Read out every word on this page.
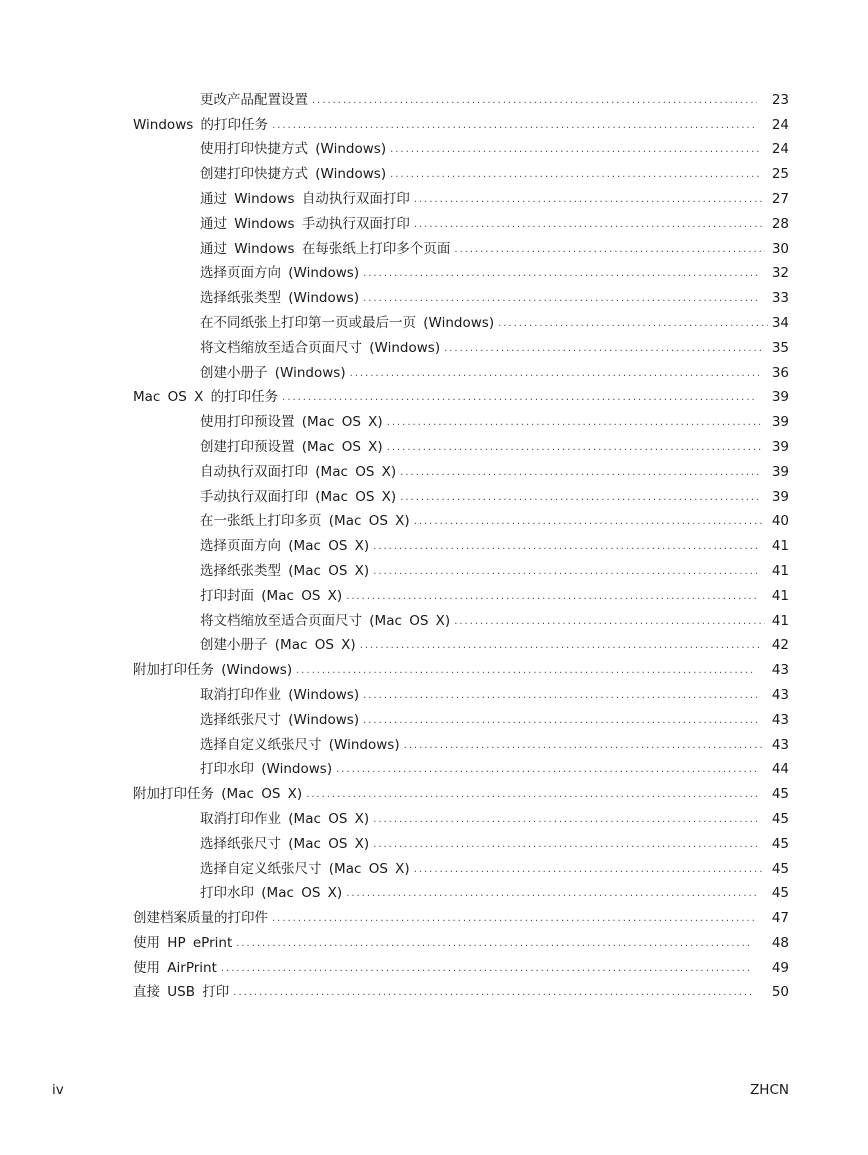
更改产品配置设置 . . .	23
Windows 的打印任务 . . .	24
使用打印快捷方式 (Windows) . . .	24
创建打印快捷方式 (Windows) . . .	25
通过 Windows 自动执行双面打印 . . .	27
通过 Windows 手动执行双面打印 . . .	28
通过 Windows 在每张纸上打印多个页面 . . .	30
选择页面方向 (Windows) . . .	32
选择纸张类型 (Windows) . . .	33
在不同纸张上打印第一页或最后一页 (Windows) . . .	34
将文档缩放至适合页面尺寸 (Windows) . . .	35
创建小册子 (Windows) . . .	36
Mac OS X 的打印任务 . . .	39
使用打印预设置 (Mac OS X) . . .	39
创建打印预设置 (Mac OS X) . . .	39
自动执行双面打印 (Mac OS X) . . .	39
手动执行双面打印 (Mac OS X) . . .	39
在一张纸上打印多页 (Mac OS X) . . .	40
选择页面方向 (Mac OS X) . . .	41
选择纸张类型 (Mac OS X) . . .	41
打印封面 (Mac OS X) . . .	41
将文档缩放至适合页面尺寸 (Mac OS X) . . .	41
创建小册子 (Mac OS X) . . .	42
附加打印任务 (Windows) . . .	43
取消打印作业 (Windows) . . .	43
选择纸张尺寸 (Windows) . . .	43
选择自定义纸张尺寸 (Windows) . . .	43
打印水印 (Windows) . . .	44
附加打印任务 (Mac OS X) . . .	45
取消打印作业 (Mac OS X) . . .	45
选择纸张尺寸 (Mac OS X) . . .	45
选择自定义纸张尺寸 (Mac OS X) . . .	45
打印水印 (Mac OS X) . . .	45
创建档案质量的打印件 . . .	47
使用 HP ePrint . . .	48
使用 AirPrint . . .	49
直接 USB 打印 . . .	50
iv	ZHCN
